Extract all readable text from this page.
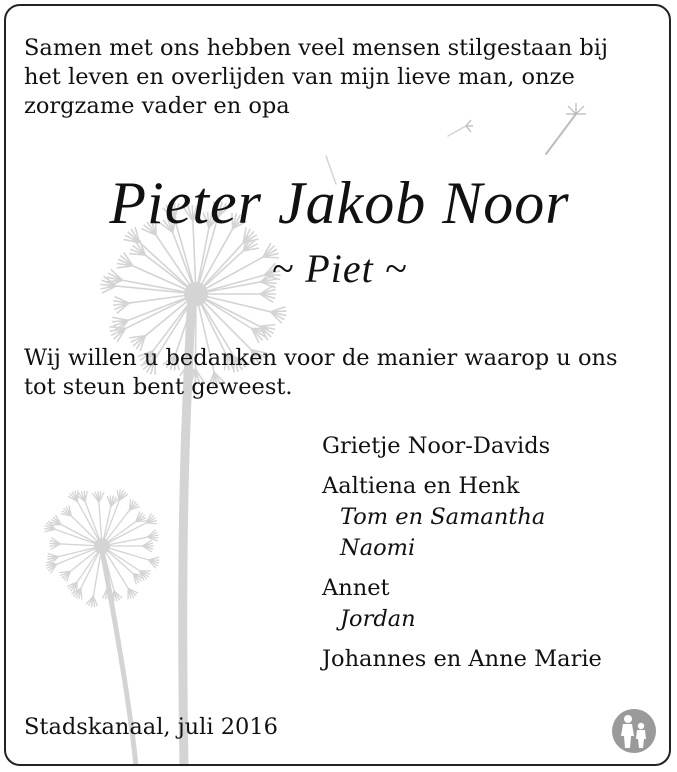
Samen met ons hebben veel mensen stilgestaan bij
het leven en overlijden van mijn lieve man, onze
zorgzame vader en opa
Pieter Jakob Noor
~ Piet ~
Wij willen u bedanken voor de manier waarop u ons
tot steun bent geweest.
Grietje Noor-Davids
Aaltiena en Henk
Tom en Samantha
Naomi
Annet
Jordan
Johannes en Anne Marie
Stadskanaal, juli 2016
